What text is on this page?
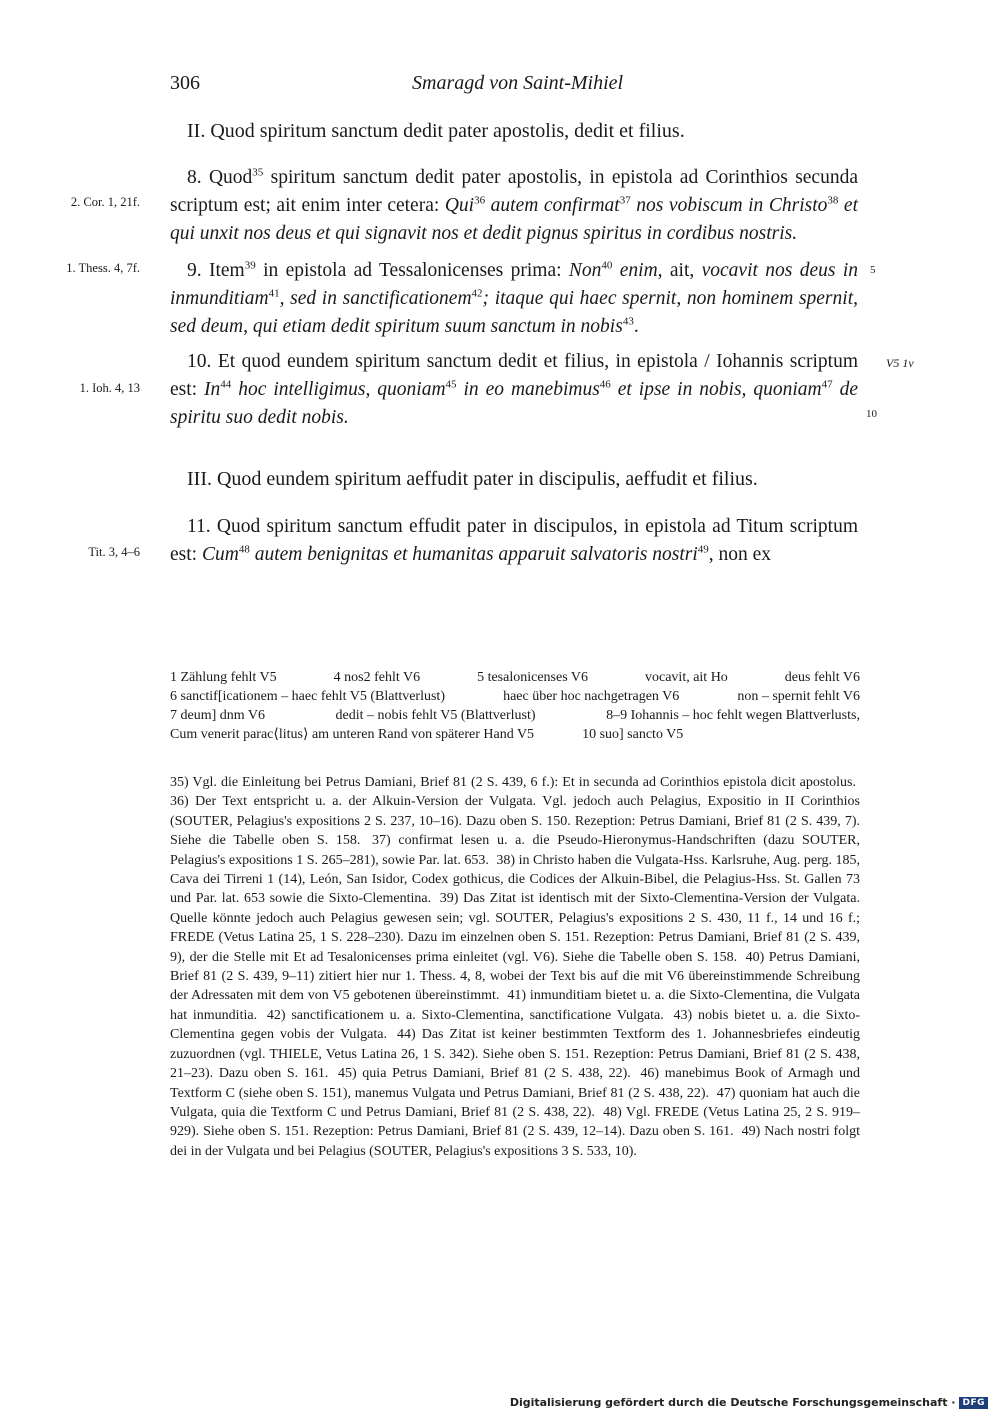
306	Smaragd von Saint-Mihiel
II. Quod spiritum sanctum dedit pater apostolis, dedit et filius.
2. Cor. 1, 21f.

8. Quod$^{35}$ spiritum sanctum dedit pater apostolis, in epistola ad Corinthios secunda scriptum est; ait enim inter cetera: Qui$^{36}$ autem confirmat$^{37}$ nos vobiscum in Christo$^{38}$ et qui unxit nos deus et qui signavit nos et dedit pignus spiritus in cordibus nostris.

1. Thess. 4, 7f.	5

9. Item$^{39}$ in epistola ad Tessalonicenses prima: Non$^{40}$ enim, ait, vocavit nos deus in inmunditiam$^{41}$, sed in sanctificationem$^{42}$; itaque qui haec spernit, non hominem spernit, sed deum, qui etiam dedit spiritum suum sanctum in nobis$^{43}$.

V5 1v
1. Ioh. 4, 13
10

10. Et quod eundem spiritum sanctum dedit et filius, in epistola / Iohannis scriptum est: In$^{44}$ hoc intelligimus, quoniam$^{45}$ in eo manebimus$^{46}$ et ipse in nobis, quoniam$^{47}$ de spiritu suo dedit nobis.

III. Quod eundem spiritum aeffudit pater in discipulis, aeffudit et filius.
Tit. 3, 4–6

11. Quod spiritum sanctum effudit pater in discipulos, in epistola ad Titum scriptum est: Cum$^{48}$ autem benignitas et humanitas apparuit salvatoris nostri$^{49}$, non ex

1 Zählung fehlt V5	4 nos2 fehlt V6	5 tesalonicenses V6	vocavit, ait Ho	deus fehlt V6
6 sanctif[icationem – haec fehlt V5 (Blattverlust)	haec über hoc nachgetragen V6	non – spernit fehlt V6
7 deum] dnm V6	dedit – nobis fehlt V5 (Blattverlust)	8–9 Iohannis – hoc fehlt wegen Blattverlusts,
Cum venerit parac⟨litus⟩ am unteren Rand von späterer Hand V5	10 suo] sancto V5
35) Vgl. die Einleitung bei Petrus Damiani, Brief 81 (2 S. 439, 6 f.): Et in secunda ad Corinthios epistola dicit apostolus. 36) Der Text entspricht u. a. der Alkuin-Version der Vulgata. Vgl. jedoch auch Pelagius, Expositio in II Corinthios (SOUTER, Pelagius's expositions 2 S. 237, 10–16). Dazu oben S. 150. Rezeption: Petrus Damiani, Brief 81 (2 S. 439, 7). Siehe die Tabelle oben S. 158. 37) confirmat lesen u. a. die Pseudo-Hieronymus-Handschriften (dazu SOUTER, Pelagius's expositions 1 S. 265–281), sowie Par. lat. 653. 38) in Christo haben die Vulgata-Hss. Karlsruhe, Aug. perg. 185, Cava dei Tirreni 1 (14), León, San Isidor, Codex gothicus, die Codices der Alkuin-Bibel, die Pelagius-Hss. St. Gallen 73 und Par. lat. 653 sowie die Sixto-Clementina. 39) Das Zitat ist identisch mit der Sixto-Clementina-Version der Vulgata. Quelle könnte jedoch auch Pelagius gewesen sein; vgl. SOUTER, Pelagius's expositions 2 S. 430, 11 f., 14 und 16 f.; FREDE (Vetus Latina 25, 1 S. 228–230). Dazu im einzelnen oben S. 151. Rezeption: Petrus Damiani, Brief 81 (2 S. 439, 9), der die Stelle mit Et ad Tesalonicenses prima einleitet (vgl. V6). Siehe die Tabelle oben S. 158. 40) Petrus Damiani, Brief 81 (2 S. 439, 9–11) zitiert hier nur 1. Thess. 4, 8, wobei der Text bis auf die mit V6 übereinstimmende Schreibung der Adressaten mit dem von V5 gebotenen übereinstimmt. 41) inmunditiam bietet u. a. die Sixto-Clementina, die Vulgata hat inmunditia. 42) sanctificationem u. a. Sixto-Clementina, sanctificatione Vulgata. 43) nobis bietet u. a. die Sixto-Clementina gegen vobis der Vulgata. 44) Das Zitat ist keiner bestimmten Textform des 1. Johannesbriefes eindeutig zuzuordnen (vgl. THIELE, Vetus Latina 26, 1 S. 342). Siehe oben S. 151. Rezeption: Petrus Damiani, Brief 81 (2 S. 438, 21–23). Dazu oben S. 161. 45) quia Petrus Damiani, Brief 81 (2 S. 438, 22). 46) manebimus Book of Armagh und Textform C (siehe oben S. 151), manemus Vulgata und Petrus Damiani, Brief 81 (2 S. 438, 22). 47) quoniam hat auch die Vulgata, quia die Textform C und Petrus Damiani, Brief 81 (2 S. 438, 22). 48) Vgl. FREDE (Vetus Latina 25, 2 S. 919–929). Siehe oben S. 151. Rezeption: Petrus Damiani, Brief 81 (2 S. 439, 12–14). Dazu oben S. 161. 49) Nach nostri folgt dei in der Vulgata und bei Pelagius (SOUTER, Pelagius's expositions 3 S. 533, 10).
Digitalisierung gefördert durch die Deutsche Forschungsgemeinschaft · DFG
